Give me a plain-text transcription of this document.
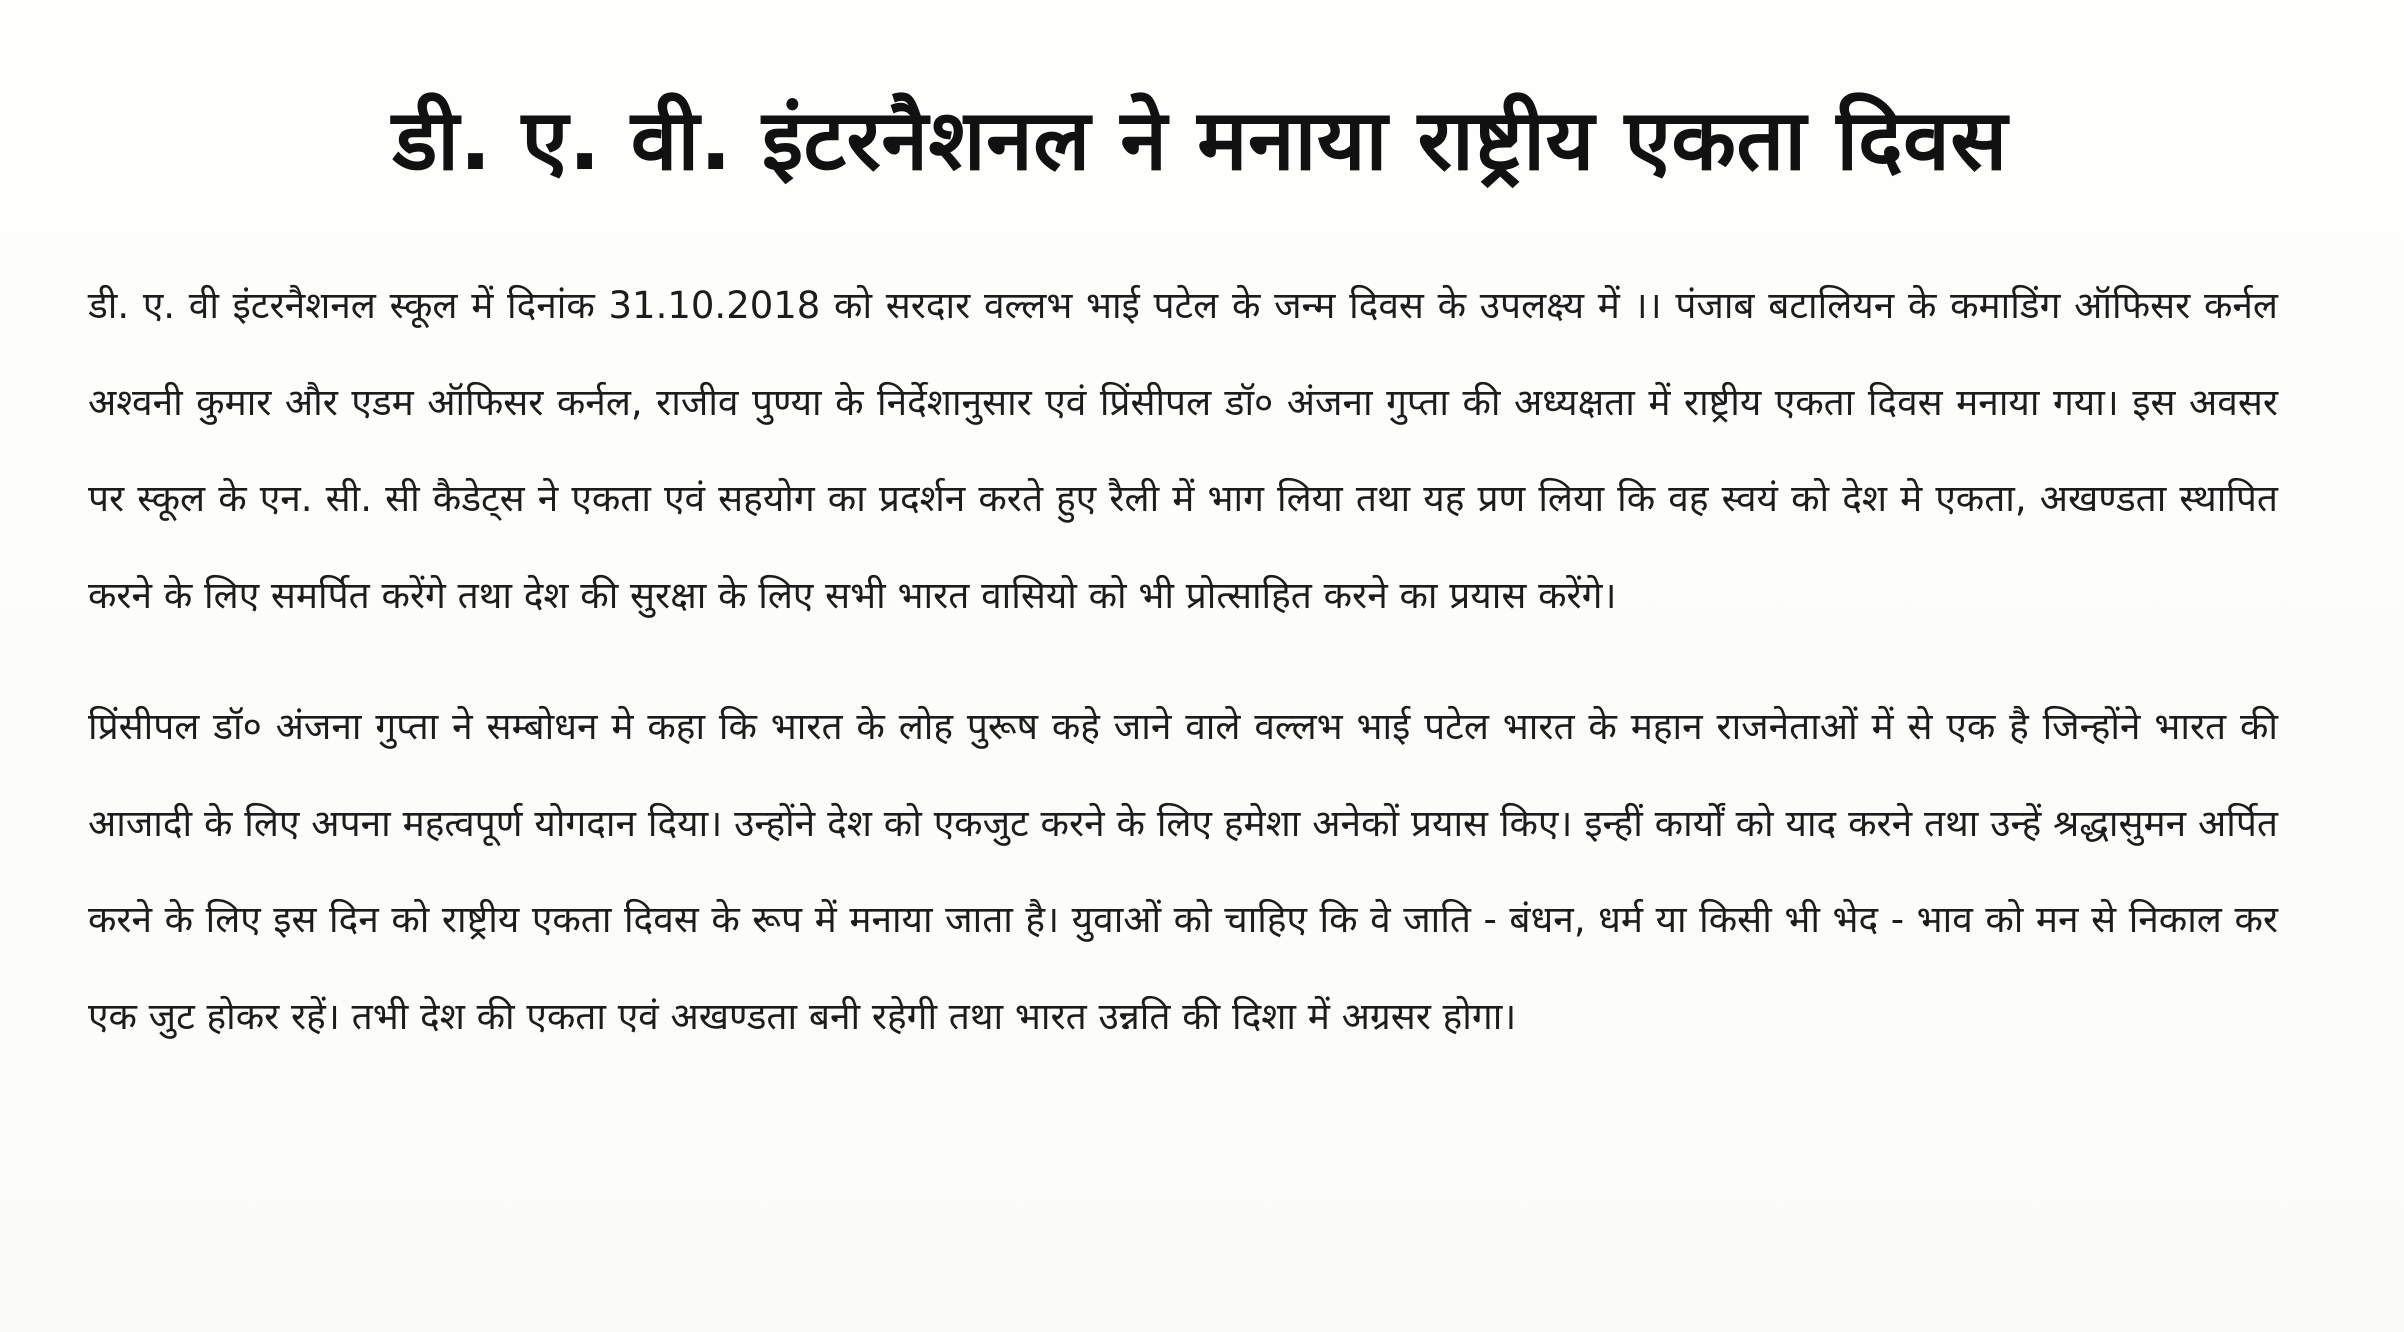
डी. ए. वी. इंटरनैशनल ने मनाया राष्ट्रीय एकता दिवस

डी. ए. वी इंटरनैशनल स्कूल में दिनांक 31.10.2018 को सरदार वल्लभ भाई पटेल के जन्म दिवस के उपलक्ष्य में ।। पंजाब बटालियन के कमाडिंग ऑफिसर कर्नल अश्वनी कुमार और एडम ऑफिसर कर्नल, राजीव पुण्या के निर्देशानुसार एवं प्रिंसीपल डॉ० अंजना गुप्ता की अध्यक्षता में राष्ट्रीय एकता दिवस मनाया गया। इस अवसर पर स्कूल के एन. सी. सी कैडेट्स ने एकता एवं सहयोग का प्रदर्शन करते हुए रैली में भाग लिया तथा यह प्रण लिया कि वह स्वयं को देश मे एकता, अखण्डता स्थापित करने के लिए समर्पित करेंगे तथा देश की सुरक्षा के लिए सभी भारत वासियो को भी प्रोत्साहित करने का प्रयास करेंगे।

प्रिंसीपल डॉ० अंजना गुप्ता ने सम्बोधन मे कहा कि भारत के लोह पुरूष कहे जाने वाले वल्लभ भाई पटेल भारत के महान राजनेताओं में से एक है जिन्होंने भारत की आजादी के लिए अपना महत्वपूर्ण योगदान दिया। उन्होंने देश को एकजुट करने के लिए हमेशा अनेकों प्रयास किए। इन्हीं कार्यों को याद करने तथा उन्हें श्रद्धासुमन अर्पित करने के लिए इस दिन को राष्ट्रीय एकता दिवस के रूप में मनाया जाता है। युवाओं को चाहिए कि वे जाति - बंधन, धर्म या किसी भी भेद - भाव को मन से निकाल कर एक जुट होकर रहें। तभी देश की एकता एवं अखण्डता बनी रहेगी तथा भारत उन्नति की दिशा में अग्रसर होगा।
